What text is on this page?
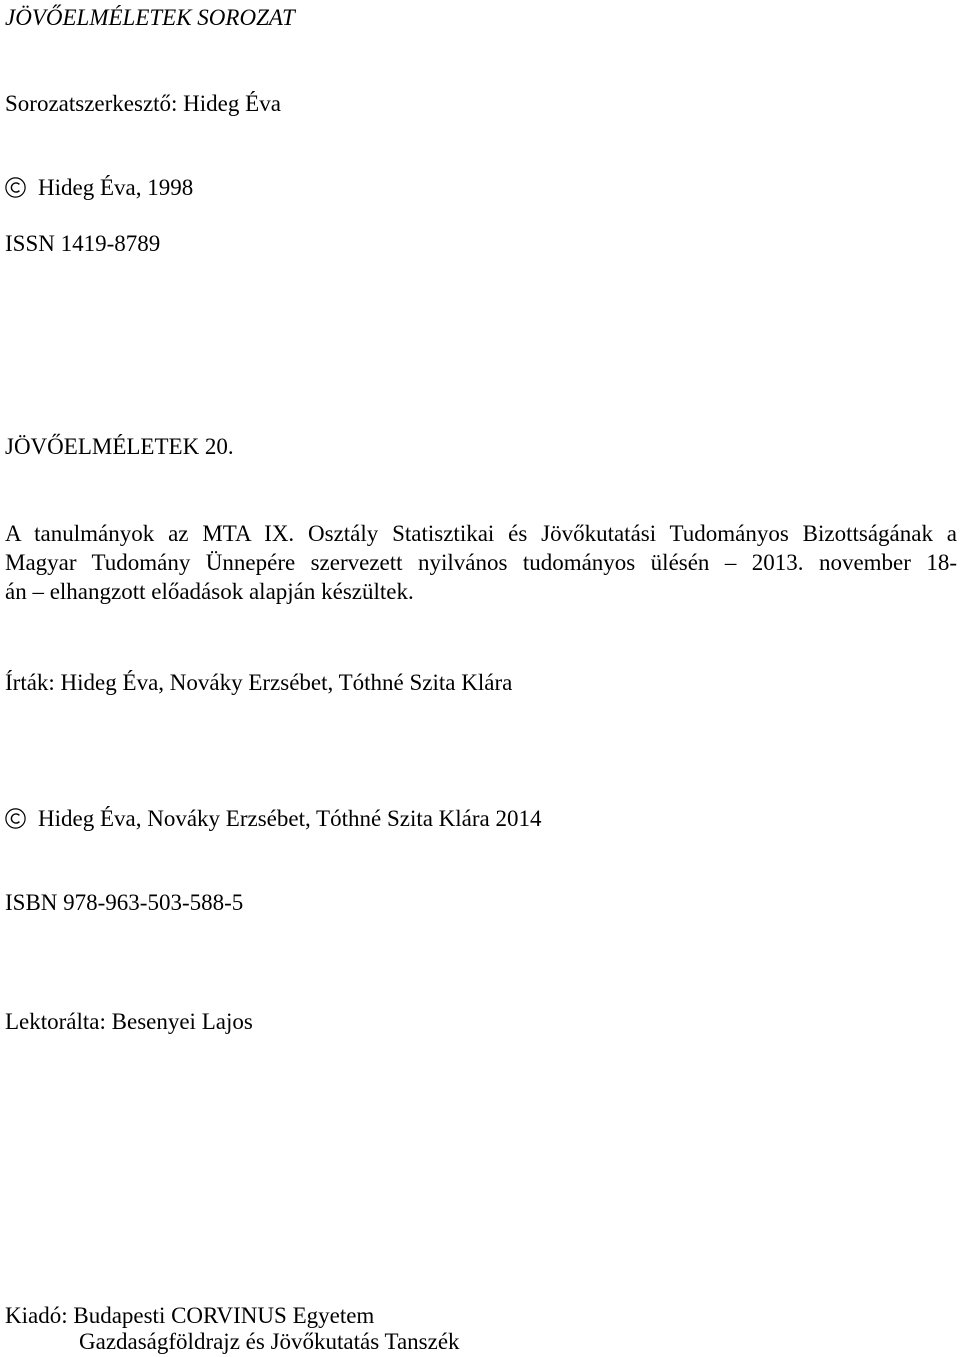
JÖVŐELMÉLETEK SOROZAT
Sorozatszerkesztő: Hideg Éva
Hideg Éva, 1998
ISSN 1419-8789
JÖVŐELMÉLETEK 20.
A tanulmányok az MTA IX. Osztály Statisztikai és Jövőkutatási Tudományos Bizottságának a
Magyar Tudomány Ünnepére szervezett nyilvános tudományos ülésén – 2013. november 18-
án – elhangzott előadások alapján készültek.
Írták: Hideg Éva, Nováky Erzsébet, Tóthné Szita Klára
Hideg Éva, Nováky Erzsébet, Tóthné Szita Klára 2014
ISBN 978-963-503-588-5
Lektorálta: Besenyei Lajos
Kiadó: Budapesti CORVINUS Egyetem
Gazdaságföldrajz és Jövőkutatás Tanszék
